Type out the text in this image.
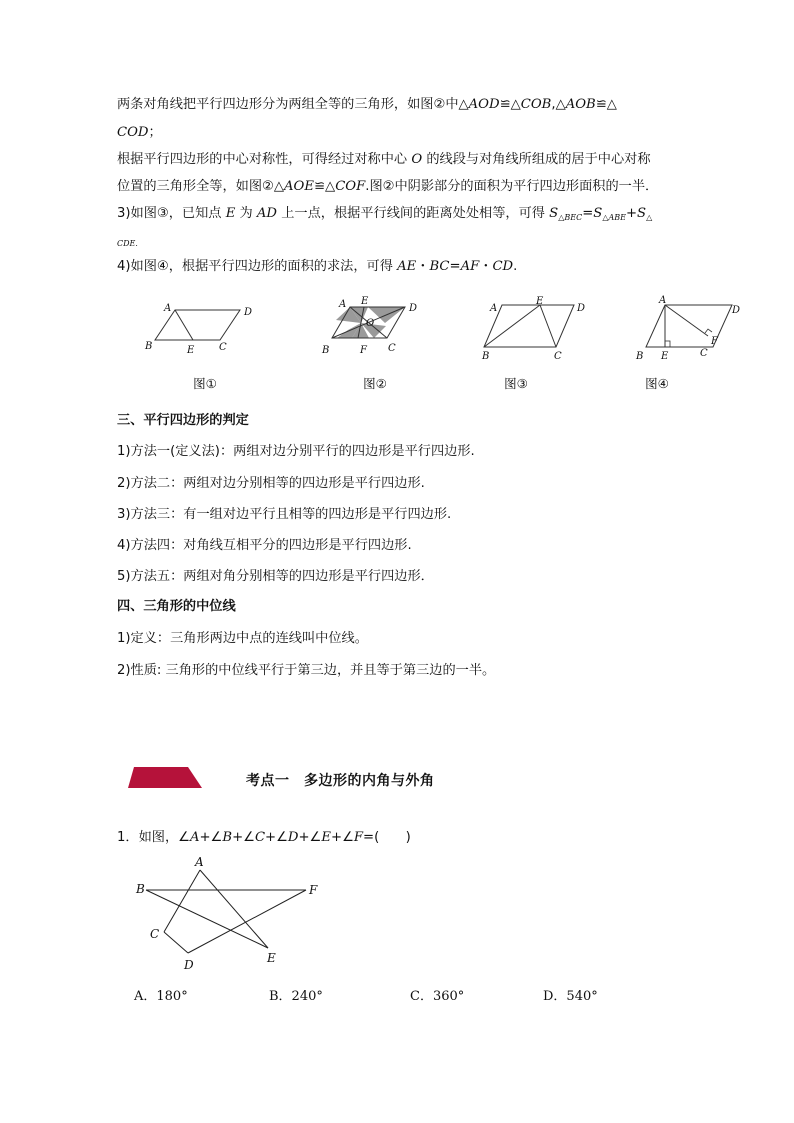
两条对角线把平行四边形分为两组全等的三角形，如图②中△AOD≌△COB,△AOB≌△
COD；
根据平行四边形的中心对称性，可得经过对称中心 O 的线段与对角线所组成的居于中心对称
位置的三角形全等，如图②△AOE≌△COF.图②中阴影部分的面积为平行四边形面积的一半．
3)如图③，已知点 E 为 AD 上一点，根据平行线间的距离处处相等，可得 $S_{\triangle BEC}=S_{\triangle ABE}+S_\triangle$
CDE.
4)如图④，根据平行四边形的面积的求法，可得 AE・BC=AF・CD.
A	D
B	E C
图①
A E
D
O
B	F C
图②
A
E
D
B	C
图③
A
D
F
B E	C
图④
三、平行四边形的判定
1)方法一(定义法)：两组对边分别平行的四边形是平行四边形.
2)方法二：两组对边分别相等的四边形是平行四边形.
3)方法三：有一组对边平行且相等的四边形是平行四边形.
4)方法四：对角线互相平分的四边形是平行四边形.
5)方法五：两组对角分别相等的四边形是平行四边形．
四、三角形的中位线
1)定义：三角形两边中点的连线叫中位线。
2)性质: 三角形的中位线平行于第三边，并且等于第三边的一半。
考点一　多边形的内角与外角
1．如图，∠A+∠B+∠C+∠D+∠E+∠F=(　　)
A
B	F
C
D	E
A．180°	B．240°	C．360°	D．540°
